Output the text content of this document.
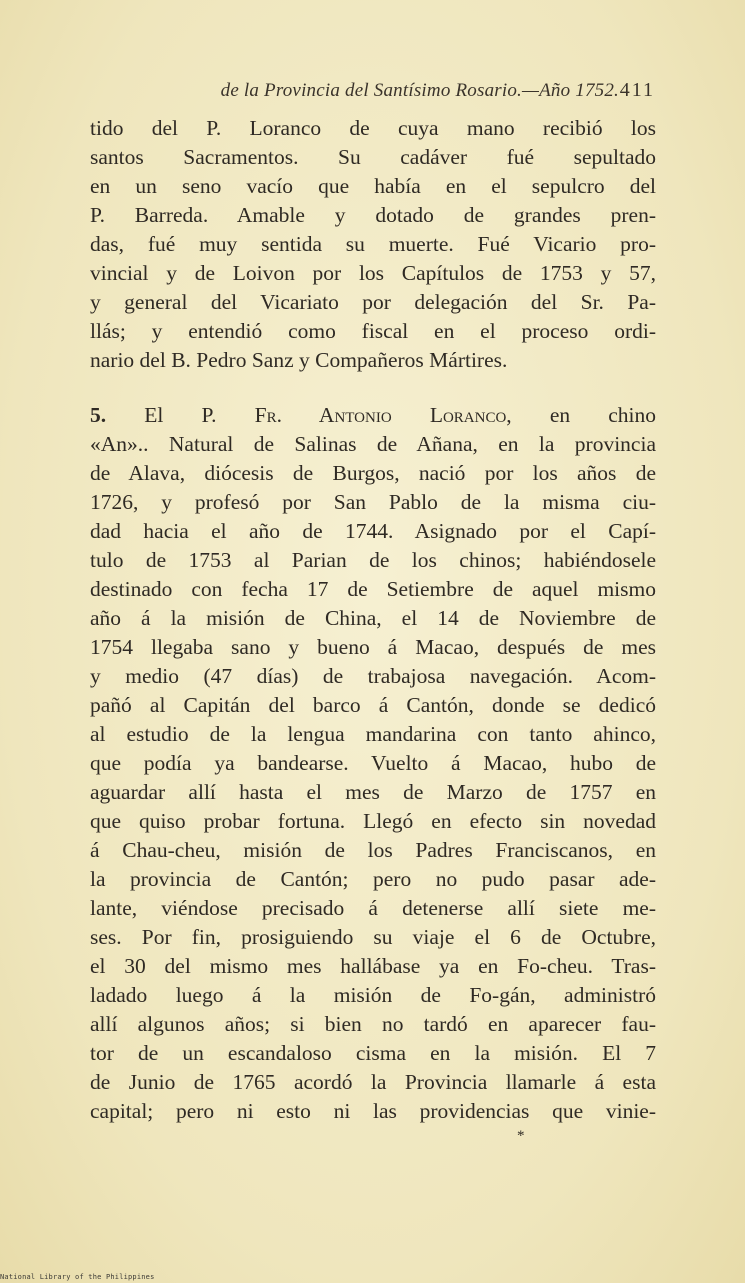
de la Provincia del Santísimo Rosario.—Año 1752. 411
tido del P. Loranco de cuya mano recibió los
santos Sacramentos. Su cadáver fué sepultado
en un seno vacío que había en el sepulcro del
P. Barreda. Amable y dotado de grandes pren-
das, fué muy sentida su muerte. Fué Vicario pro-
vincial y de Loivon por los Capítulos de 1753 y 57,
y general del Vicariato por delegación del Sr. Pa-
llás; y entendió como fiscal en el proceso ordi-
nario del B. Pedro Sanz y Compañeros Mártires.
5. El P. Fr. Antonio Loranco, en chino
«An».. Natural de Salinas de Añana, en la provincia
de Alava, diócesis de Burgos, nació por los años de
1726, y profesó por San Pablo de la misma ciu-
dad hacia el año de 1744. Asignado por el Capí-
tulo de 1753 al Parian de los chinos; habiéndosele
destinado con fecha 17 de Setiembre de aquel mismo
año á la misión de China, el 14 de Noviembre de
1754 llegaba sano y bueno á Macao, después de mes
y medio (47 días) de trabajosa navegación. Acom-
pañó al Capitán del barco á Cantón, donde se dedicó
al estudio de la lengua mandarina con tanto ahinco,
que podía ya bandearse. Vuelto á Macao, hubo de
aguardar allí hasta el mes de Marzo de 1757 en
que quiso probar fortuna. Llegó en efecto sin novedad
á Chau-cheu, misión de los Padres Franciscanos, en
la provincia de Cantón; pero no pudo pasar ade-
lante, viéndose precisado á detenerse allí siete me-
ses. Por fin, prosiguiendo su viaje el 6 de Octubre,
el 30 del mismo mes hallábase ya en Fo-cheu. Tras-
ladado luego á la misión de Fo-gán, administró
allí algunos años; si bien no tardó en aparecer fau-
tor de un escandaloso cisma en la misión. El 7
de Junio de 1765 acordó la Provincia llamarle á esta
capital; pero ni esto ni las providencias que vinie-
*
National Library of the Philippines
